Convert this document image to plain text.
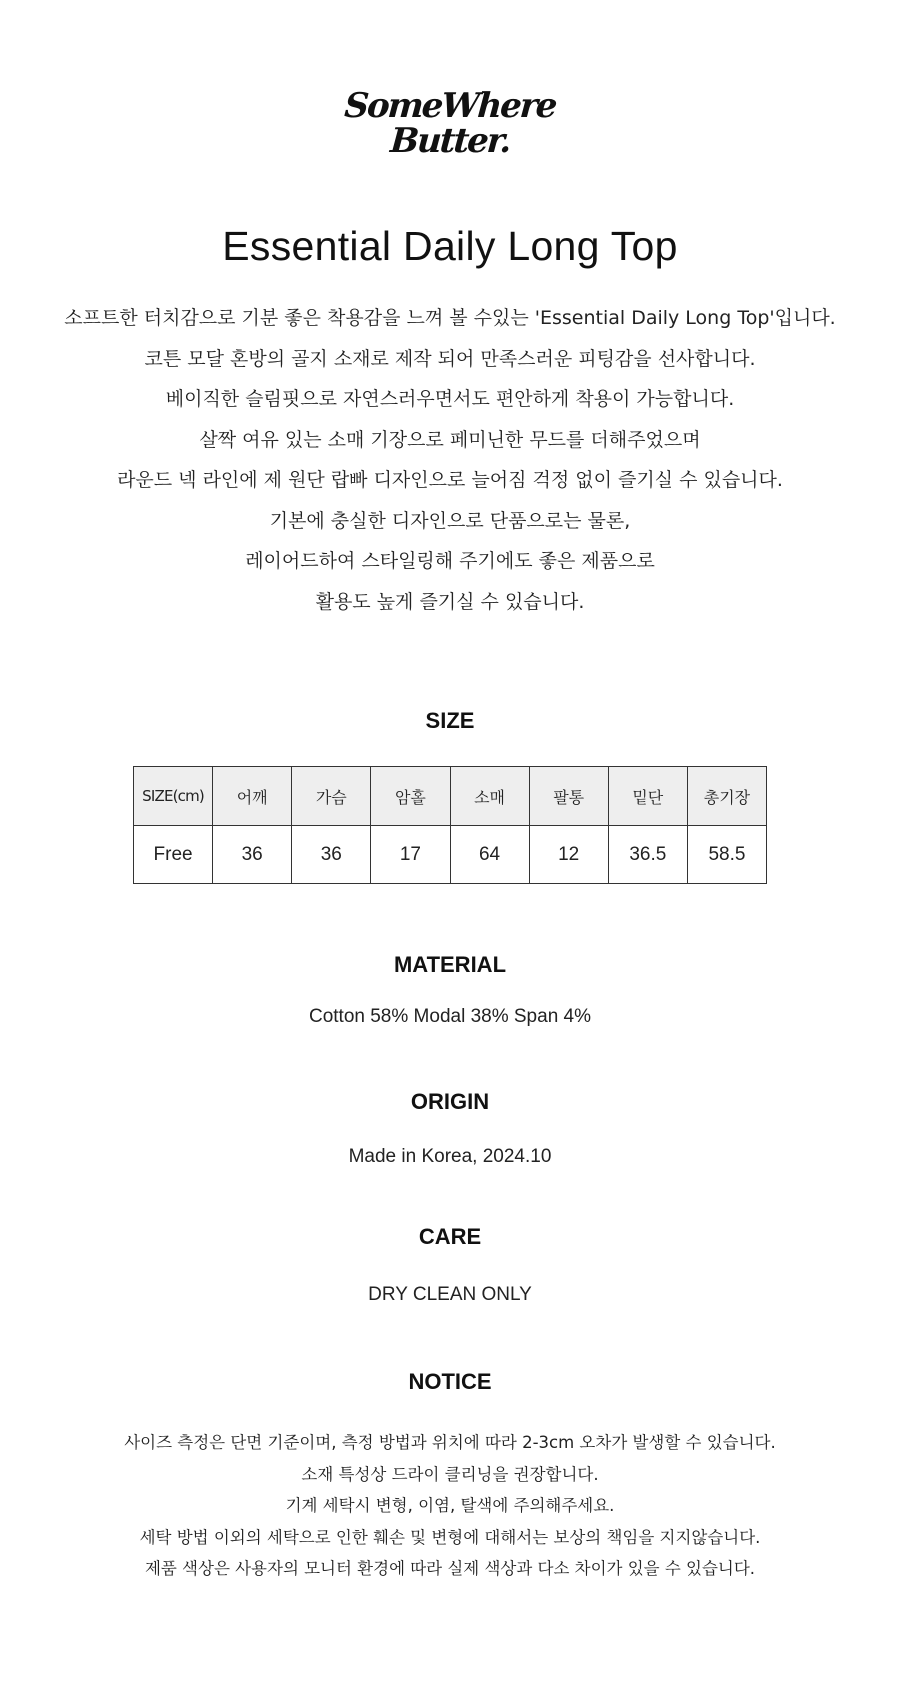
SomeWhere
Butter.
Essential Daily Long Top
소프트한 터치감으로 기분 좋은 착용감을 느껴 볼 수있는 'Essential Daily Long Top'입니다.
코튼 모달 혼방의 골지 소재로 제작 되어 만족스러운 피팅감을 선사합니다.
베이직한 슬림핏으로 자연스러우면서도 편안하게 착용이 가능합니다.
살짝 여유 있는 소매 기장으로 페미닌한 무드를 더해주었으며
라운드 넥 라인에 제 원단 랍빠 디자인으로 늘어짐 걱정 없이 즐기실 수 있습니다.
기본에 충실한 디자인으로 단품으로는 물론,
레이어드하여 스타일링해 주기에도 좋은 제품으로
활용도 높게 즐기실 수 있습니다.
SIZE
SIZE(cm)	어깨	가슴	암홀	소매	팔통	밑단	총기장
Free	36	36	17	64	12	36.5	58.5
MATERIAL
Cotton 58% Modal 38% Span 4%
ORIGIN
Made in Korea, 2024.10
CARE
DRY CLEAN ONLY
NOTICE
사이즈 측정은 단면 기준이며, 측정 방법과 위치에 따라 2-3cm 오차가 발생할 수 있습니다.
소재 특성상 드라이 클리닝을 권장합니다.
기계 세탁시 변형, 이염, 탈색에 주의해주세요.
세탁 방법 이외의 세탁으로 인한 훼손 및 변형에 대해서는 보상의 책임을 지지않습니다.
제품 색상은 사용자의 모니터 환경에 따라 실제 색상과 다소 차이가 있을 수 있습니다.
